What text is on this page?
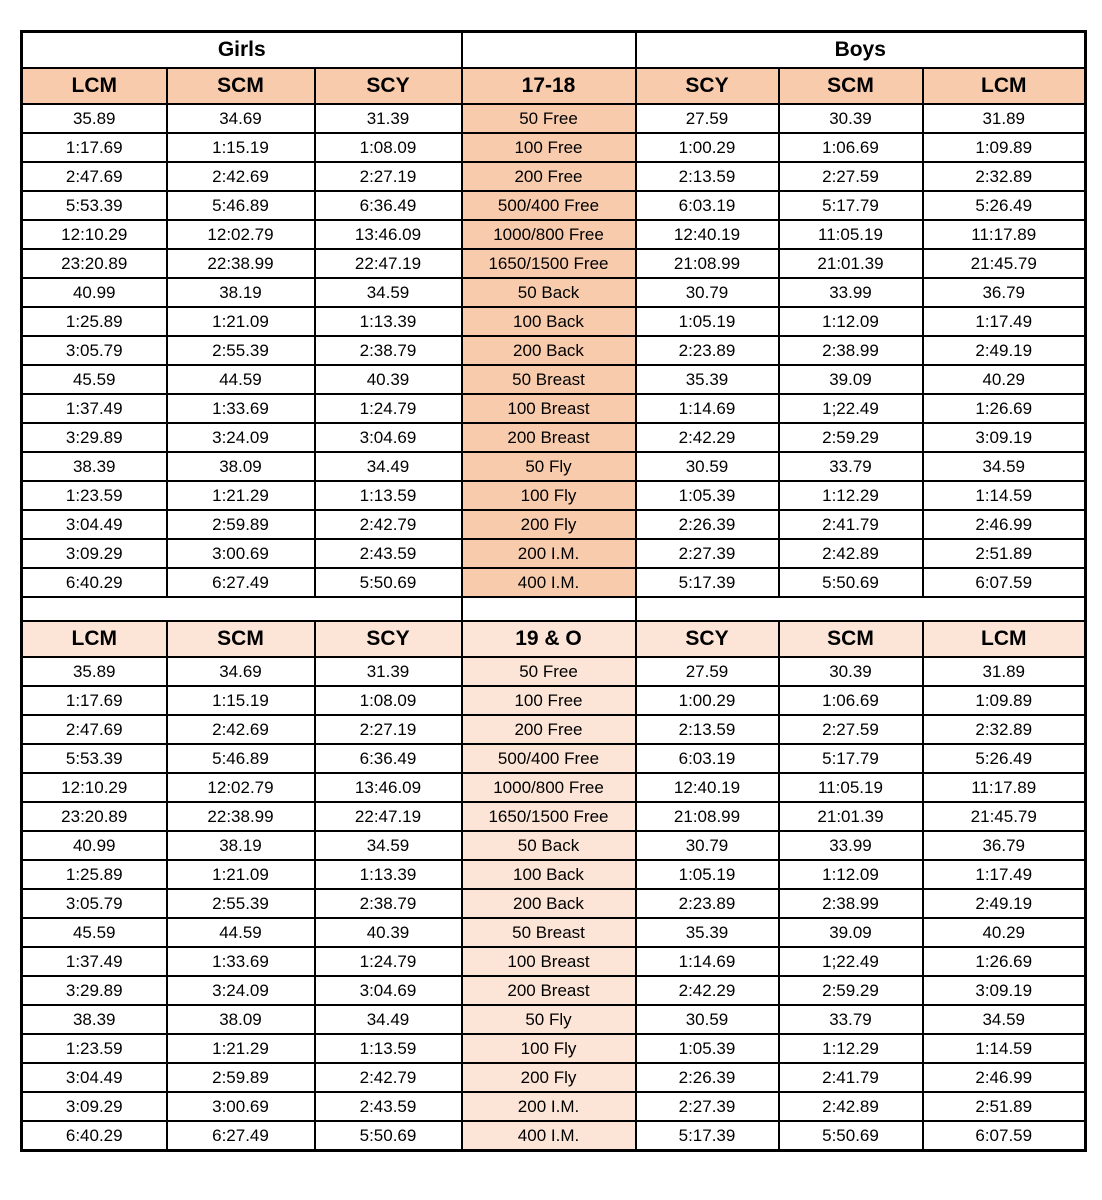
Girls				Boys		
LCM	SCM	SCY	17-18	SCY	SCM	LCM
35.89	34.69	31.39	50 Free	27.59	30.39	31.89
1:17.69	1:15.19	1:08.09	100 Free	1:00.29	1:06.69	1:09.89
2:47.69	2:42.69	2:27.19	200 Free	2:13.59	2:27.59	2:32.89
5:53.39	5:46.89	6:36.49	500/400 Free	6:03.19	5:17.79	5:26.49
12:10.29	12:02.79	13:46.09	1000/800 Free	12:40.19	11:05.19	11:17.89
23:20.89	22:38.99	22:47.19	1650/1500 Free	21:08.99	21:01.39	21:45.79
40.99	38.19	34.59	50 Back	30.79	33.99	36.79
1:25.89	1:21.09	1:13.39	100 Back	1:05.19	1:12.09	1:17.49
3:05.79	2:55.39	2:38.79	200 Back	2:23.89	2:38.99	2:49.19
45.59	44.59	40.39	50 Breast	35.39	39.09	40.29
1:37.49	1:33.69	1:24.79	100 Breast	1:14.69	1;22.49	1:26.69
3:29.89	3:24.09	3:04.69	200 Breast	2:42.29	2:59.29	3:09.19
38.39	38.09	34.49	50 Fly	30.59	33.79	34.59
1:23.59	1:21.29	1:13.59	100 Fly	1:05.39	1:12.29	1:14.59
3:04.49	2:59.89	2:42.79	200 Fly	2:26.39	2:41.79	2:46.99
3:09.29	3:00.69	2:43.59	200 I.M.	2:27.39	2:42.89	2:51.89
6:40.29	6:27.49	5:50.69	400 I.M.	5:17.39	5:50.69	6:07.59

LCM	SCM	SCY	19 & O	SCY	SCM	LCM
35.89	34.69	31.39	50 Free	27.59	30.39	31.89
1:17.69	1:15.19	1:08.09	100 Free	1:00.29	1:06.69	1:09.89
2:47.69	2:42.69	2:27.19	200 Free	2:13.59	2:27.59	2:32.89
5:53.39	5:46.89	6:36.49	500/400 Free	6:03.19	5:17.79	5:26.49
12:10.29	12:02.79	13:46.09	1000/800 Free	12:40.19	11:05.19	11:17.89
23:20.89	22:38.99	22:47.19	1650/1500 Free	21:08.99	21:01.39	21:45.79
40.99	38.19	34.59	50 Back	30.79	33.99	36.79
1:25.89	1:21.09	1:13.39	100 Back	1:05.19	1:12.09	1:17.49
3:05.79	2:55.39	2:38.79	200 Back	2:23.89	2:38.99	2:49.19
45.59	44.59	40.39	50 Breast	35.39	39.09	40.29
1:37.49	1:33.69	1:24.79	100 Breast	1:14.69	1;22.49	1:26.69
3:29.89	3:24.09	3:04.69	200 Breast	2:42.29	2:59.29	3:09.19
38.39	38.09	34.49	50 Fly	30.59	33.79	34.59
1:23.59	1:21.29	1:13.59	100 Fly	1:05.39	1:12.29	1:14.59
3:04.49	2:59.89	2:42.79	200 Fly	2:26.39	2:41.79	2:46.99
3:09.29	3:00.69	2:43.59	200 I.M.	2:27.39	2:42.89	2:51.89
6:40.29	6:27.49	5:50.69	400 I.M.	5:17.39	5:50.69	6:07.59
